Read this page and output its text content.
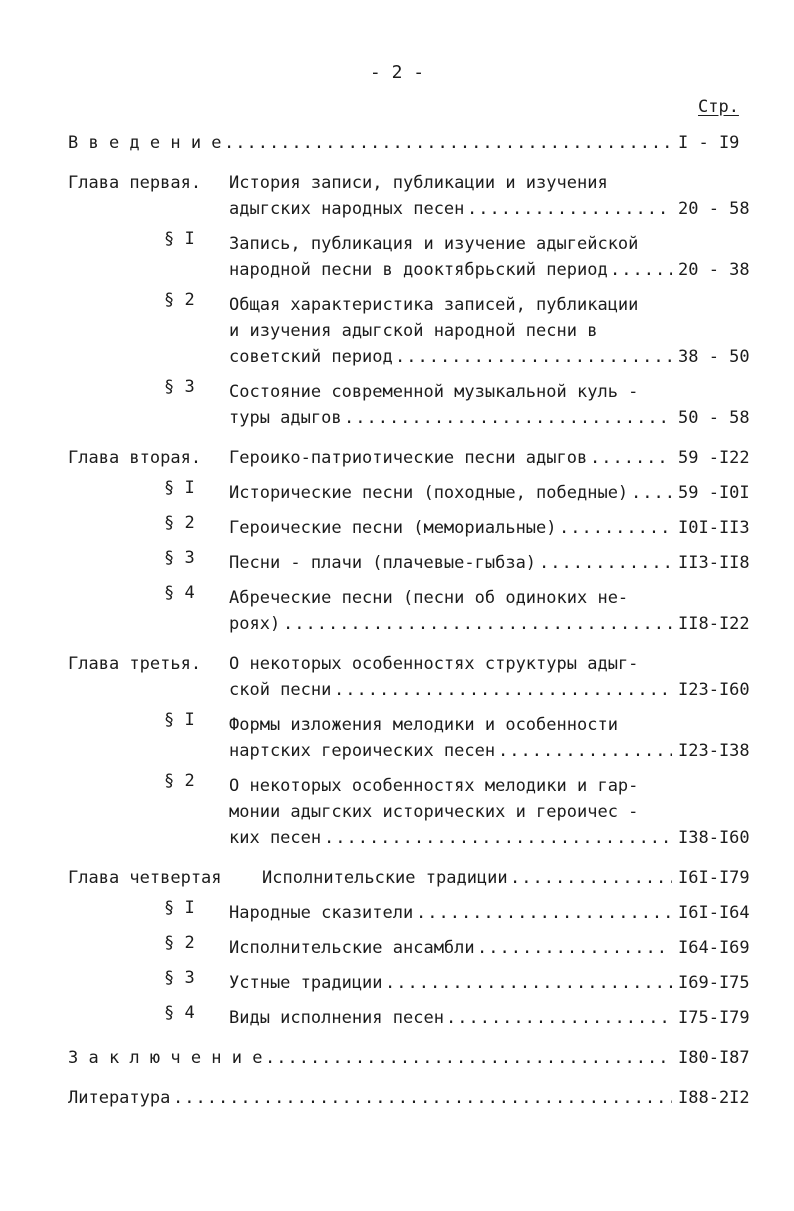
- 2 -
Стр.
В в е д е н и е .....	I - I9
Глава первая. История записи, публикации и изучения
адыгских народных песен .....	20 - 58
§ I Запись, публикация и изучение адыгейской
народной песни в дооктябрьский период .....	20 - 38
§ 2 Общая характеристика записей, публикации
и изучения адыгской народной песни в
советский период .....	38 - 50
§ 3 Состояние современной музыкальной куль -
туры адыгов .....	50 - 58
Глава вторая. Героико-патриотические песни адыгов .....	59 -I22
§ I Исторические песни (походные, победные) .....	59 -I0I
§ 2 Героические песни (мемориальные) .....	I0I-II3
§ 3 Песни - плачи (плачевые-гыбза) .....	II3-II8
§ 4 Абреческие песни (песни об одиноких не-
роях) .....	II8-I22
Глава третья. О некоторых особенностях структуры адыг-
ской песни .....	I23-I60
§ I Формы изложения мелодики и особенности
нартских героических песен .....	I23-I38
§ 2 О некоторых особенностях мелодики и гар-
монии адыгских исторических и героичес -
ких песен .....	I38-I60
Глава четвертая Исполнительские традиции .....	I6I-I79
§ I Народные сказители .....	I6I-I64
§ 2 Исполнительские ансамбли .....	I64-I69
§ 3 Устные традиции .....	I69-I75
§ 4 Виды исполнения песен .....	I75-I79
З а к л ю ч е н и е .....	I80-I87
Литература .....	I88-2I2
